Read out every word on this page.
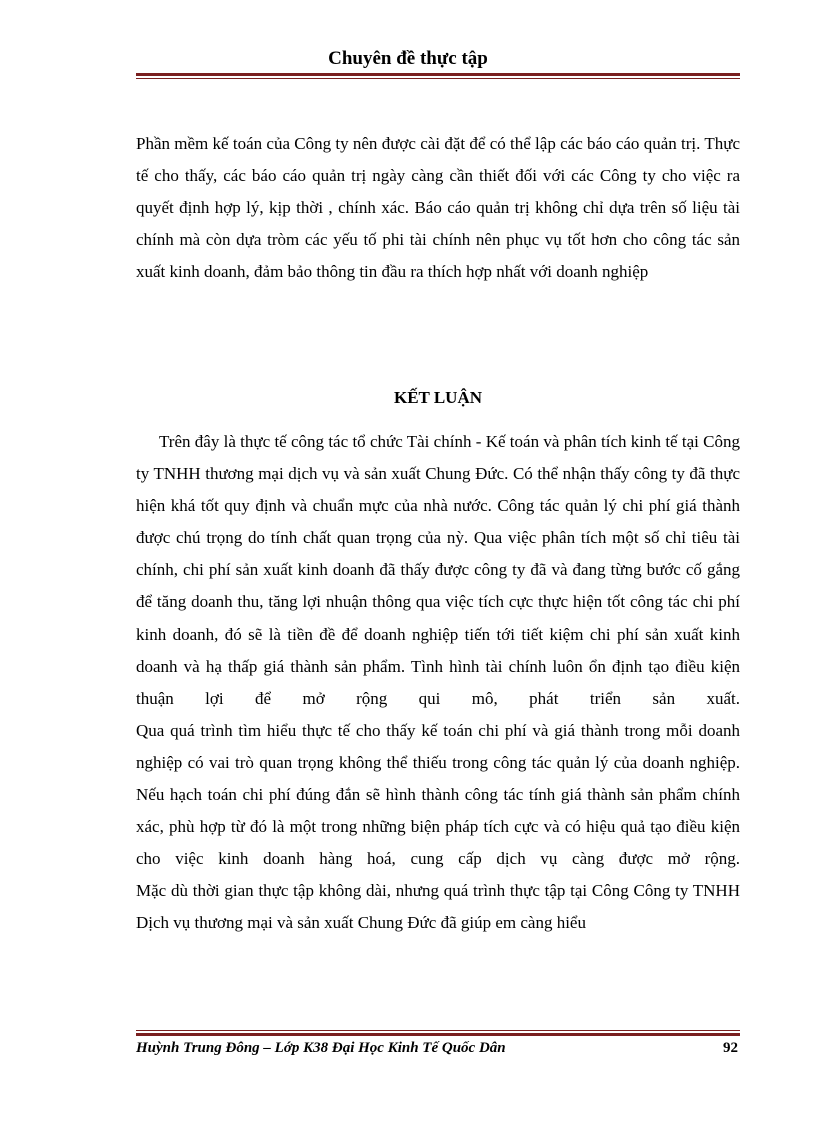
Chuyên đề thực tập

Phần mềm kế toán của Công ty nên được cài đặt để có thể lập các báo cáo quản trị. Thực tế cho thấy, các báo cáo quản trị ngày càng cần thiết đối với các Công ty cho việc ra quyết định hợp lý, kịp thời , chính xác. Báo cáo quản trị không chỉ dựa trên số liệu tài chính mà còn dựa tròm các yếu tố phi tài chính nên phục vụ tốt hơn cho công tác sản xuất kinh doanh, đảm bảo thông tin đầu ra thích hợp nhất với doanh nghiệp

KẾT LUẬN

Trên đây là thực tế công tác tổ chức Tài chính - Kế toán và phân tích kinh tế tại Công ty TNHH thương mại dịch vụ và sản xuất Chung Đức. Có thể nhận thấy công ty đã thực hiện khá tốt quy định và chuẩn mực của nhà nước. Công tác quản lý chi phí giá thành được chú trọng do tính chất quan trọng của nỳ. Qua việc phân tích một số chỉ tiêu tài chính, chi phí sản xuất kinh doanh đã thấy được công ty đã và đang từng bước cố gắng để tăng doanh thu, tăng lợi nhuận thông qua việc tích cực thực hiện tốt công tác chi phí kinh doanh, đó sẽ là tiền đề để doanh nghiệp tiến tới tiết kiệm chi phí sản xuất kinh doanh và hạ thấp giá thành sản phẩm. Tình hình tài chính luôn ổn định tạo điều kiện thuận lợi để mở rộng qui mô, phát triển sản xuất.

Qua quá trình tìm hiểu thực tế cho thấy kế toán chi phí và giá thành trong mỗi doanh nghiệp có vai trò quan trọng không thể thiếu trong công tác quản lý của doanh nghiệp. Nếu hạch toán chi phí đúng đắn sẽ hình thành công tác tính giá thành sản phẩm chính xác, phù hợp từ đó là một trong những biện pháp tích cực và có hiệu quả tạo điều kiện cho việc kinh doanh hàng hoá, cung cấp dịch vụ càng được mở rộng.

Mặc dù thời gian thực tập không dài, nhưng quá trình thực tập tại Công Công ty TNHH Dịch vụ thương mại và sản xuất Chung Đức đã giúp em càng hiểu

Huỳnh Trung Đông – Lớp K38 Đại Học Kinh Tế Quốc Dân	92
